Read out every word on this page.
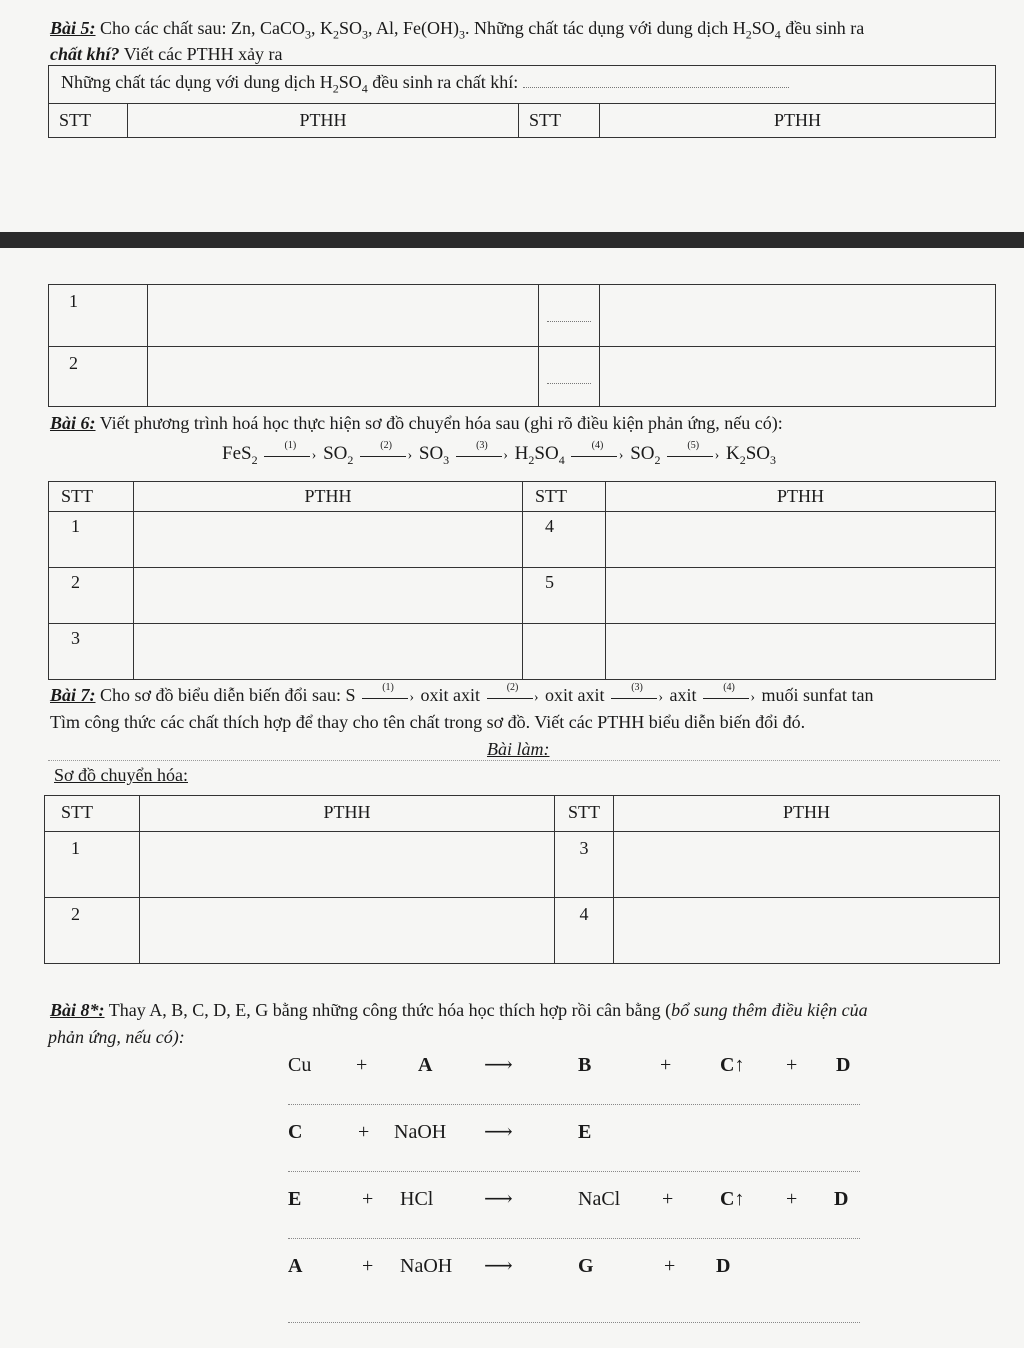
Bài 5: Cho các chất sau: Zn, CaCO$_3$, $K_2SO_3$, Al, $Fe(OH)_3$. Những chất tác dụng với dung dịch $H_2SO_4$ đều sinh ra
chất khí? Viết các PTHH xảy ra
Những chất tác dụng với dung dịch $H_2SO_4$ đều sinh ra chất khí:
STT	PTHH	STT	PTHH
1		

2		

Bài 6: Viết phương trình hoá học thực hiện sơ đồ chuyển hóa sau (ghi rõ điều kiện phản ứng, nếu có):
FeS$_2$
(1)
› $SO_2$
(2)
› $SO_3$
(3)
› $H_2SO_4$
(4)
› $SO_2$
(5)
› $K_2SO_3$
STT	PTHH	STT	PTHH
1		4	
2		5	
3			
Bài 7: Cho sơ đồ biểu diễn biến đổi sau: S	(1)
› oxit axit	(2)
› oxit axit	(3)
› axit	(4)
› muối sunfat tan
Tìm công thức các chất thích hợp để thay cho tên chất trong sơ đồ. Viết các PTHH biểu diễn biến đổi đó.
Bài làm:
Sơ đồ chuyển hóa:
STT	PTHH	STT	PTHH
1		3	
2		4	
Bài 8*: Thay A, B, C, D, E, G bằng những công thức hóa học thích hợp rồi cân bằng (bổ sung thêm điều kiện của
phản ứng, nếu có):
Cu +	A	⟶	B	+ C↑ + D
C	+ NaOH ⟶	E
E	+ HCl	⟶	NaCl + C↑ + D
A	+ NaOH ⟶	G	+ D
